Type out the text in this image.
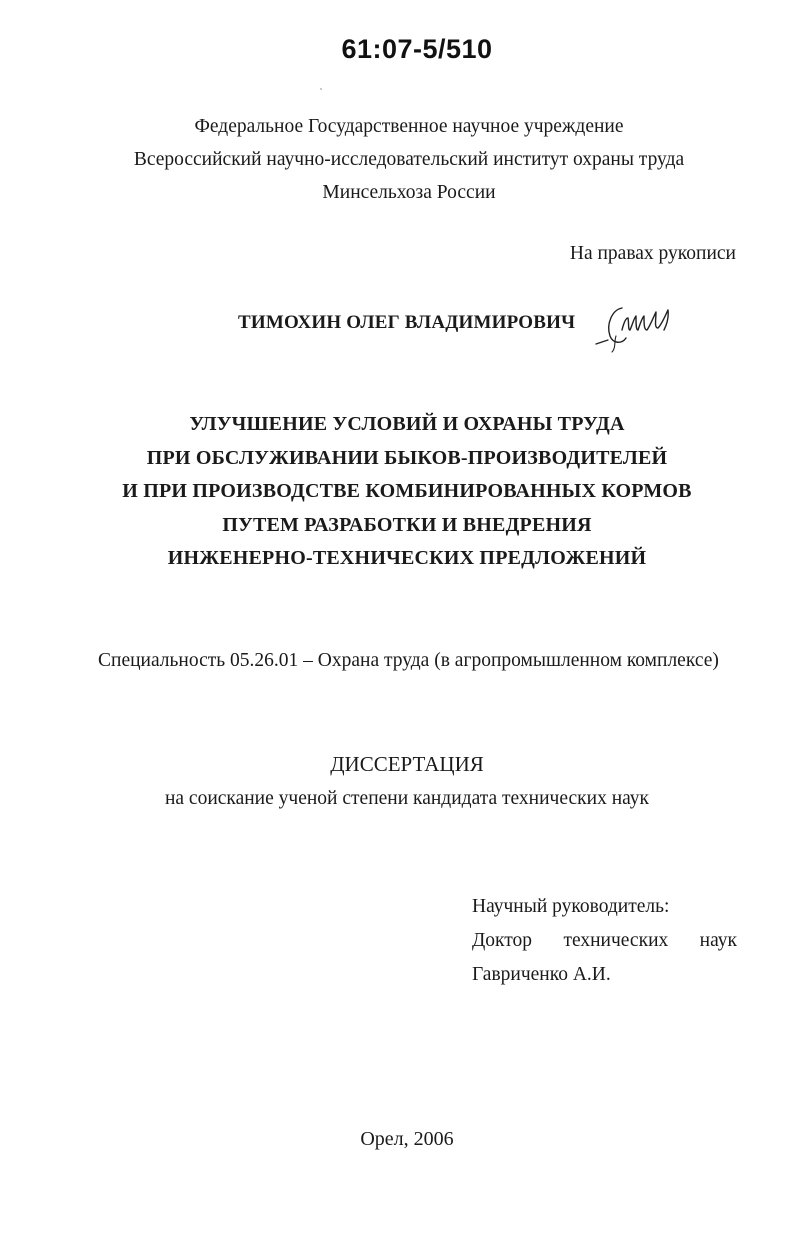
61:07-5/510
Федеральное Государственное научное учреждение
Всероссийский научно-исследовательский институт охраны труда
Минсельхоза России
На правах рукописи
ТИМОХИН ОЛЕГ ВЛАДИМИРОВИЧ
УЛУЧШЕНИЕ УСЛОВИЙ И ОХРАНЫ ТРУДА
ПРИ ОБСЛУЖИВАНИИ БЫКОВ-ПРОИЗВОДИТЕЛЕЙ
И ПРИ ПРОИЗВОДСТВЕ КОМБИНИРОВАННЫХ КОРМОВ
ПУТЕМ РАЗРАБОТКИ И ВНЕДРЕНИЯ
ИНЖЕНЕРНО-ТЕХНИЧЕСКИХ ПРЕДЛОЖЕНИЙ
Специальность 05.26.01 – Охрана труда (в агропромышленном комплексе)
ДИССЕРТАЦИЯ
на соискание ученой степени кандидата технических наук
Научный руководитель:
Доктор технических наук
Гавриченко А.И.
Орел, 2006
